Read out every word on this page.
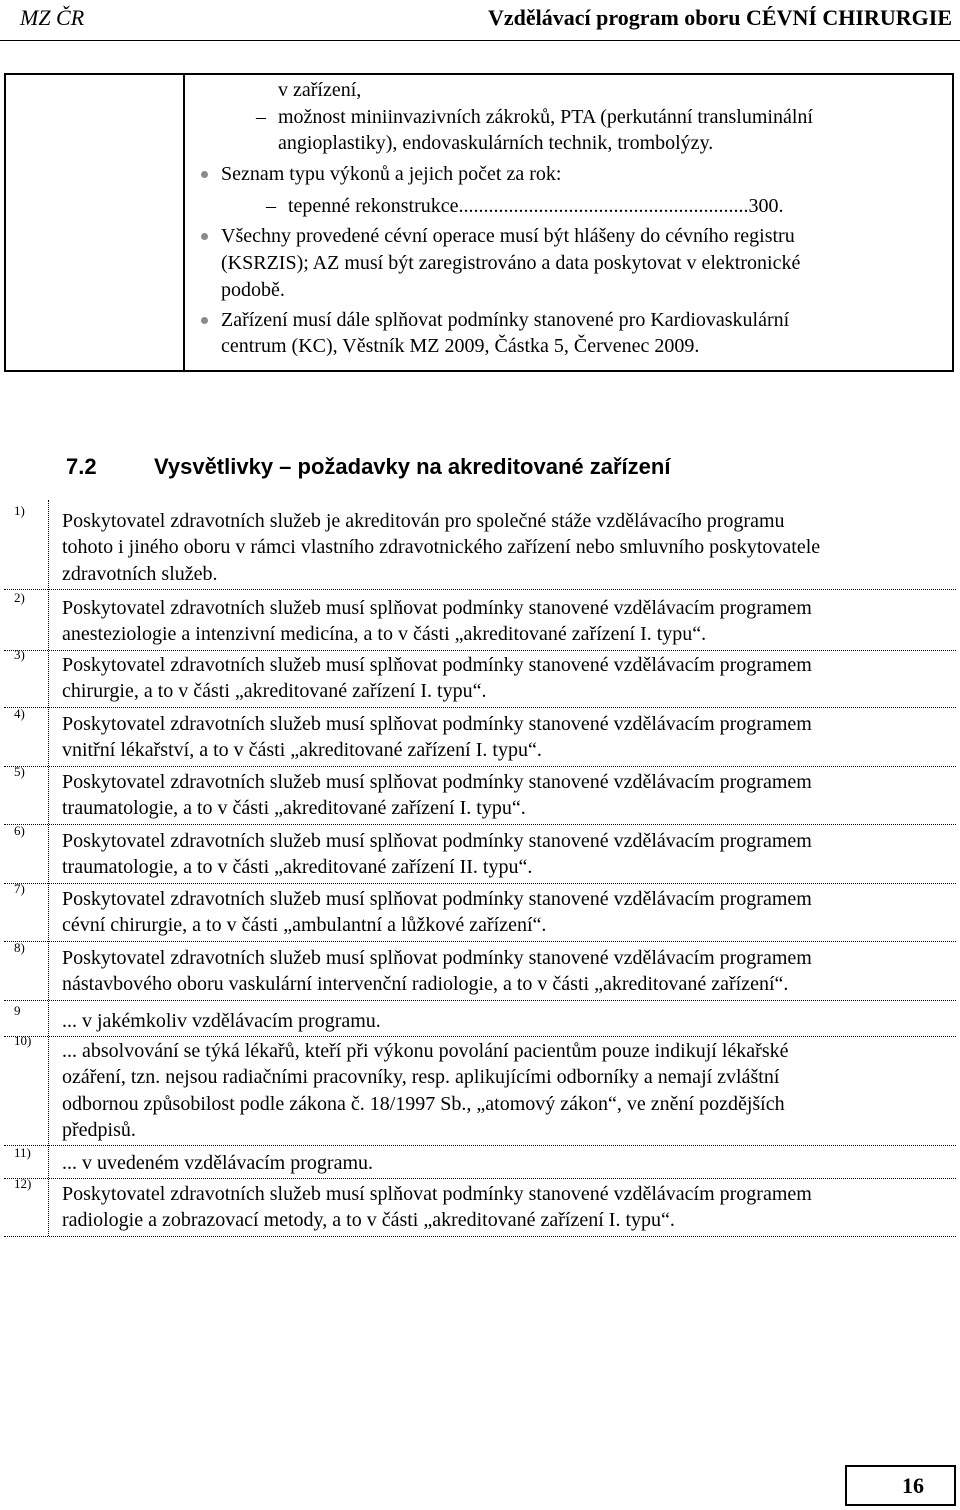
MZ ČR	Vzdělávací program oboru CÉVNÍ CHIRURGIE
v zařízení,
– možnost miniinvazivních zákroků, PTA (perkutánní transluminální
angioplastiky), endovaskulárních technik, trombolýzy.
Seznam typu výkonů a jejich počet za rok:
– tepenné rekonstrukce..........................................................300.
Všechny provedené cévní operace musí být hlášeny do cévního registru
(KSRZIS); AZ musí být zaregistrováno a data poskytovat v elektronické
podobě.
Zařízení musí dále splňovat podmínky stanovené pro Kardiovaskulární
centrum (KC), Věstník MZ 2009, Částka 5, Červenec 2009.
7.2	Vysvětlivky – požadavky na akreditované zařízení
1) Poskytovatel zdravotních služeb je akreditován pro společné stáže vzdělávacího programu
tohoto i jiného oboru v rámci vlastního zdravotnického zařízení nebo smluvního poskytovatele
zdravotních služeb.
2) Poskytovatel zdravotních služeb musí splňovat podmínky stanovené vzdělávacím programem
anesteziologie a intenzivní medicína, a to v části „akreditované zařízení I. typu“.
3) Poskytovatel zdravotních služeb musí splňovat podmínky stanovené vzdělávacím programem
chirurgie, a to v části „akreditované zařízení I. typu“.
4) Poskytovatel zdravotních služeb musí splňovat podmínky stanovené vzdělávacím programem
vnitřní lékařství, a to v části „akreditované zařízení I. typu“.
5) Poskytovatel zdravotních služeb musí splňovat podmínky stanovené vzdělávacím programem
traumatologie, a to v části „akreditované zařízení I. typu“.
6) Poskytovatel zdravotních služeb musí splňovat podmínky stanovené vzdělávacím programem
traumatologie, a to v části „akreditované zařízení II. typu“.
7) Poskytovatel zdravotních služeb musí splňovat podmínky stanovené vzdělávacím programem
cévní chirurgie, a to v části „ambulantní a lůžkové zařízení“.
8) Poskytovatel zdravotních služeb musí splňovat podmínky stanovené vzdělávacím programem
nástavbového oboru vaskulární intervenční radiologie, a to v části „akreditované zařízení“.
9 ... v jakémkoliv vzdělávacím programu.
10) ... absolvování se týká lékařů, kteří při výkonu povolání pacientům pouze indikují lékařské
ozáření, tzn. nejsou radiačními pracovníky, resp. aplikujícími odborníky a nemají zvláštní
odbornou způsobilost podle zákona č. 18/1997 Sb., „atomový zákon“, ve znění pozdějších
předpisů.
11) ... v uvedeném vzdělávacím programu.
12) Poskytovatel zdravotních služeb musí splňovat podmínky stanovené vzdělávacím programem
radiologie a zobrazovací metody, a to v části „akreditované zařízení I. typu“.
16
